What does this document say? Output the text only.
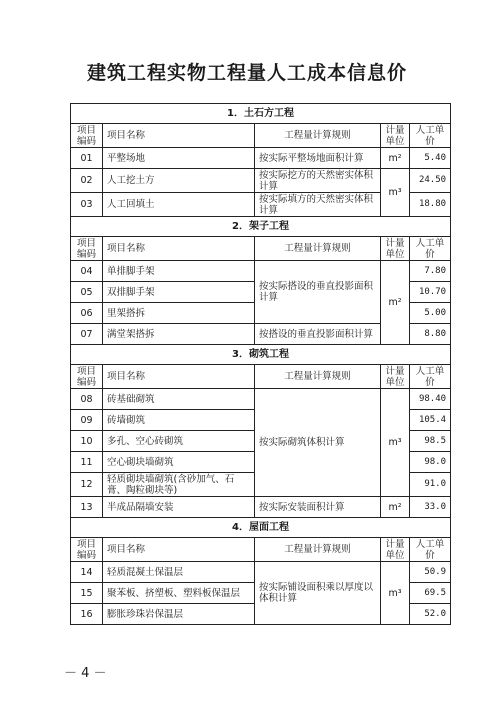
建筑工程实物工程量人工成本信息价
1．土石方工程				
项目编码	项目名称	工程量计算规则	计量单位	人工单价
01	平整场地	按实际平整场地面积计算	m²	5.40
02	人工挖土方	按实际挖方的天然密实体积计算	m³	24.50
03	人工回填土	按实际填方的天然密实体积计算		18.80
2．架子工程				
项目编码	项目名称	工程量计算规则	计量单位	人工单价
04	单排脚手架	按实际搭设的垂直投影面积计算	m²	7.80
05	双排脚手架			10.70
06	里架搭拆			5.00
07	满堂架搭拆	按搭设的垂直投影面积计算		8.80
3．砌筑工程				
项目编码	项目名称	工程量计算规则	计量单位	人工单价
08	砖基础砌筑	按实际砌筑体积计算	m³	98.40
09	砖墙砌筑			105.4
10	多孔、空心砖砌筑			98.5
11	空心砌块墙砌筑			98.0
12	轻质砌块墙砌筑(含砂加气、石膏、陶粒砌块等)			91.0
13	半成品隔墙安装	按实际安装面积计算	m²	33.0
4．屋面工程				
项目编码	项目名称	工程量计算规则	计量单位	人工单价
14	轻质混凝土保温层	按实际铺设面积乘以厚度以体积计算	m³	50.9
15	聚苯板、挤塑板、塑料板保温层			69.5
16	膨胀珍珠岩保温层			52.0
－ 4 －
